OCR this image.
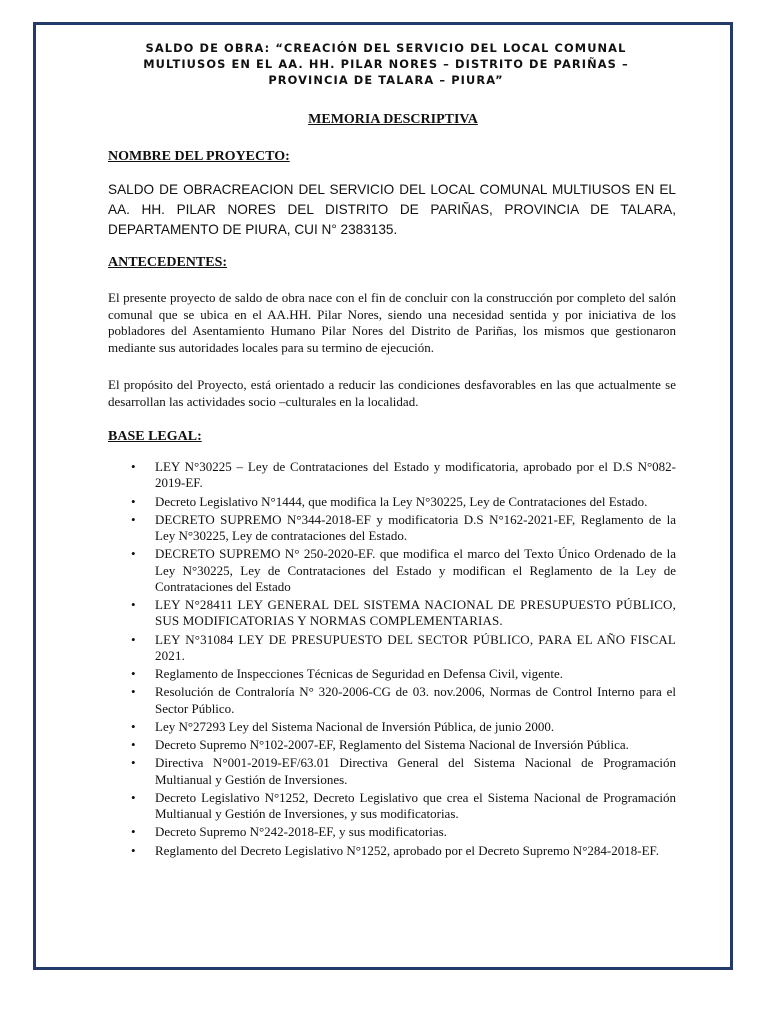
SALDO DE OBRA: “CREACIÓN DEL SERVICIO DEL LOCAL COMUNAL
MULTIUSOS EN EL AA. HH. PILAR NORES – DISTRITO DE PARIÑAS –
PROVINCIA DE TALARA – PIURA”
MEMORIA DESCRIPTIVA
NOMBRE DEL PROYECTO:
SALDO DE OBRACREACION DEL SERVICIO DEL LOCAL COMUNAL MULTIUSOS EN EL AA. HH. PILAR NORES DEL DISTRITO DE PARIÑAS, PROVINCIA DE TALARA, DEPARTAMENTO DE PIURA, CUI N° 2383135.
ANTECEDENTES:
El presente proyecto de saldo de obra nace con el fin de concluir con la construcción por completo del salón comunal que se ubica en el AA.HH. Pilar Nores, siendo una necesidad sentida y por iniciativa de los pobladores del Asentamiento Humano Pilar Nores del Distrito de Pariñas, los mismos que gestionaron mediante sus autoridades locales para su termino de ejecución.
El propósito del Proyecto, está orientado a reducir las condiciones desfavorables en las que actualmente se desarrollan las actividades socio –culturales en la localidad.
BASE LEGAL:
• LEY N°30225 – Ley de Contrataciones del Estado y modificatoria, aprobado por el D.S N°082-2019-EF.
• Decreto Legislativo N°1444, que modifica la Ley N°30225, Ley de Contrataciones del Estado.
• DECRETO SUPREMO N°344-2018-EF y modificatoria D.S N°162-2021-EF, Reglamento de la Ley N°30225, Ley de contrataciones del Estado.
• DECRETO SUPREMO N° 250-2020-EF. que modifica el marco del Texto Único Ordenado de la Ley N°30225, Ley de Contrataciones del Estado y modifican el Reglamento de la Ley de Contrataciones del Estado
• LEY N°28411 LEY GENERAL DEL SISTEMA NACIONAL DE PRESUPUESTO PÚBLICO, SUS MODIFICATORIAS Y NORMAS COMPLEMENTARIAS.
• LEY N°31084 LEY DE PRESUPUESTO DEL SECTOR PÚBLICO, PARA EL AÑO FISCAL 2021.
• Reglamento de Inspecciones Técnicas de Seguridad en Defensa Civil, vigente.
• Resolución de Contraloría N° 320-2006-CG de 03. nov.2006, Normas de Control Interno para el Sector Público.
• Ley N°27293 Ley del Sistema Nacional de Inversión Pública, de junio 2000.
• Decreto Supremo N°102-2007-EF, Reglamento del Sistema Nacional de Inversión Pública.
• Directiva N°001-2019-EF/63.01 Directiva General del Sistema Nacional de Programación Multianual y Gestión de Inversiones.
• Decreto Legislativo N°1252, Decreto Legislativo que crea el Sistema Nacional de Programación Multianual y Gestión de Inversiones, y sus modificatorias.
• Decreto Supremo N°242-2018-EF, y sus modificatorias.
• Reglamento del Decreto Legislativo N°1252, aprobado por el Decreto Supremo N°284-2018-EF.
